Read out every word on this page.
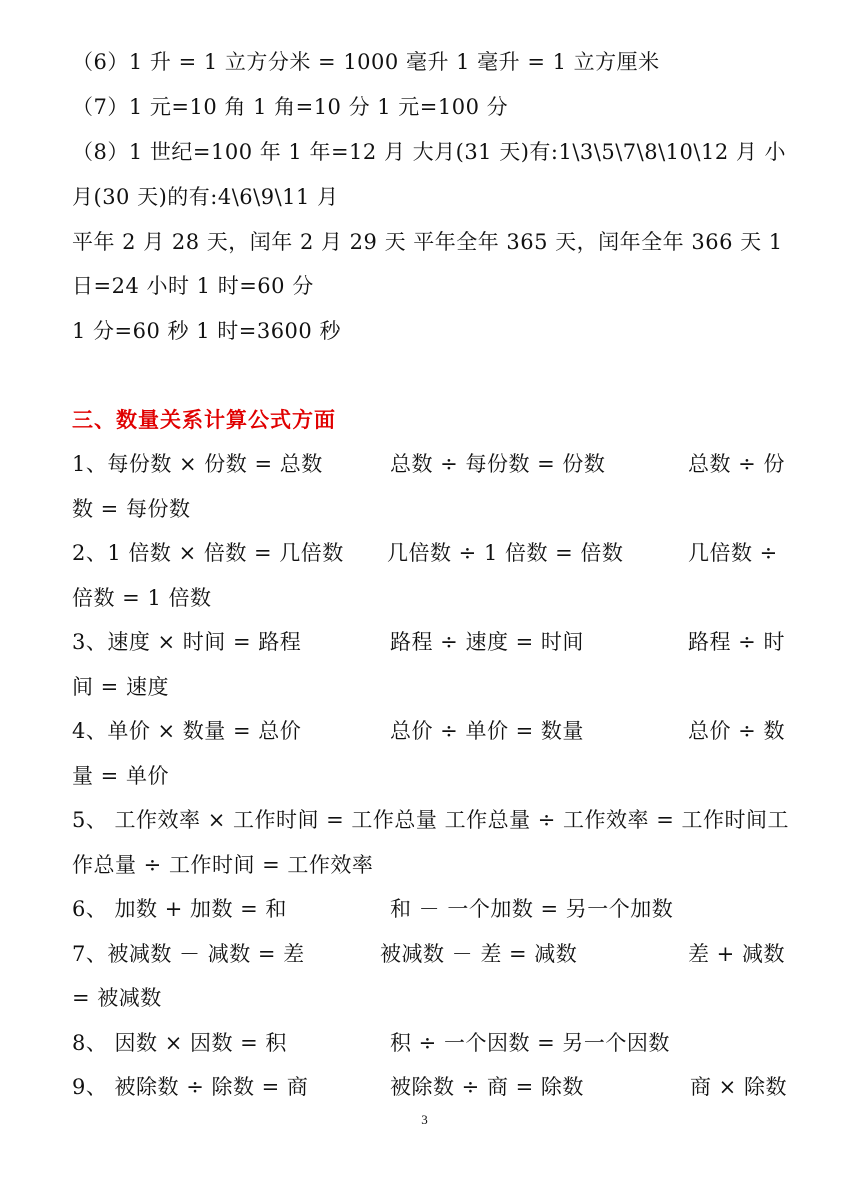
（6）1 升 = 1 立方分米 = 1000 毫升 1 毫升 = 1 立方厘米
（7）1 元=10 角 1 角=10 分 1 元=100 分
（8）1 世纪=100 年 1 年=12 月 大月(31 天)有:1\3\5\7\8\10\12 月 小
月(30 天)的有:4\6\9\11 月
平年 2 月 28 天，闰年 2 月 29 天 平年全年 365 天，闰年全年 366 天 1
日=24 小时 1 时=60 分
1 分=60 秒 1 时=3600 秒
三、数量关系计算公式方面
1、每份数 × 份数 = 总数	总数 ÷ 每份数 = 份数	总数 ÷ 份
数 = 每份数
2、1 倍数 × 倍数 = 几倍数 几倍数 ÷ 1 倍数 = 倍数	几倍数 ÷
倍数 = 1 倍数
3、速度 × 时间 = 路程	路程 ÷ 速度 = 时间	路程 ÷ 时
间 = 速度
4、单价 × 数量 = 总价	总价 ÷ 单价 = 数量	总价 ÷ 数
量 = 单价
5、 工作效率 × 工作时间 = 工作总量 工作总量 ÷ 工作效率 = 工作时间工
作总量 ÷ 工作时间 = 工作效率
6、 加数 + 加数 = 和	和 － 一个加数 = 另一个加数
7、被减数 － 减数 = 差	被减数 － 差 = 减数	差 + 减数
= 被减数
8、 因数 × 因数 = 积	积 ÷ 一个因数 = 另一个因数
9、 被除数 ÷ 除数 = 商	被除数 ÷ 商 = 除数	商 × 除数
3
